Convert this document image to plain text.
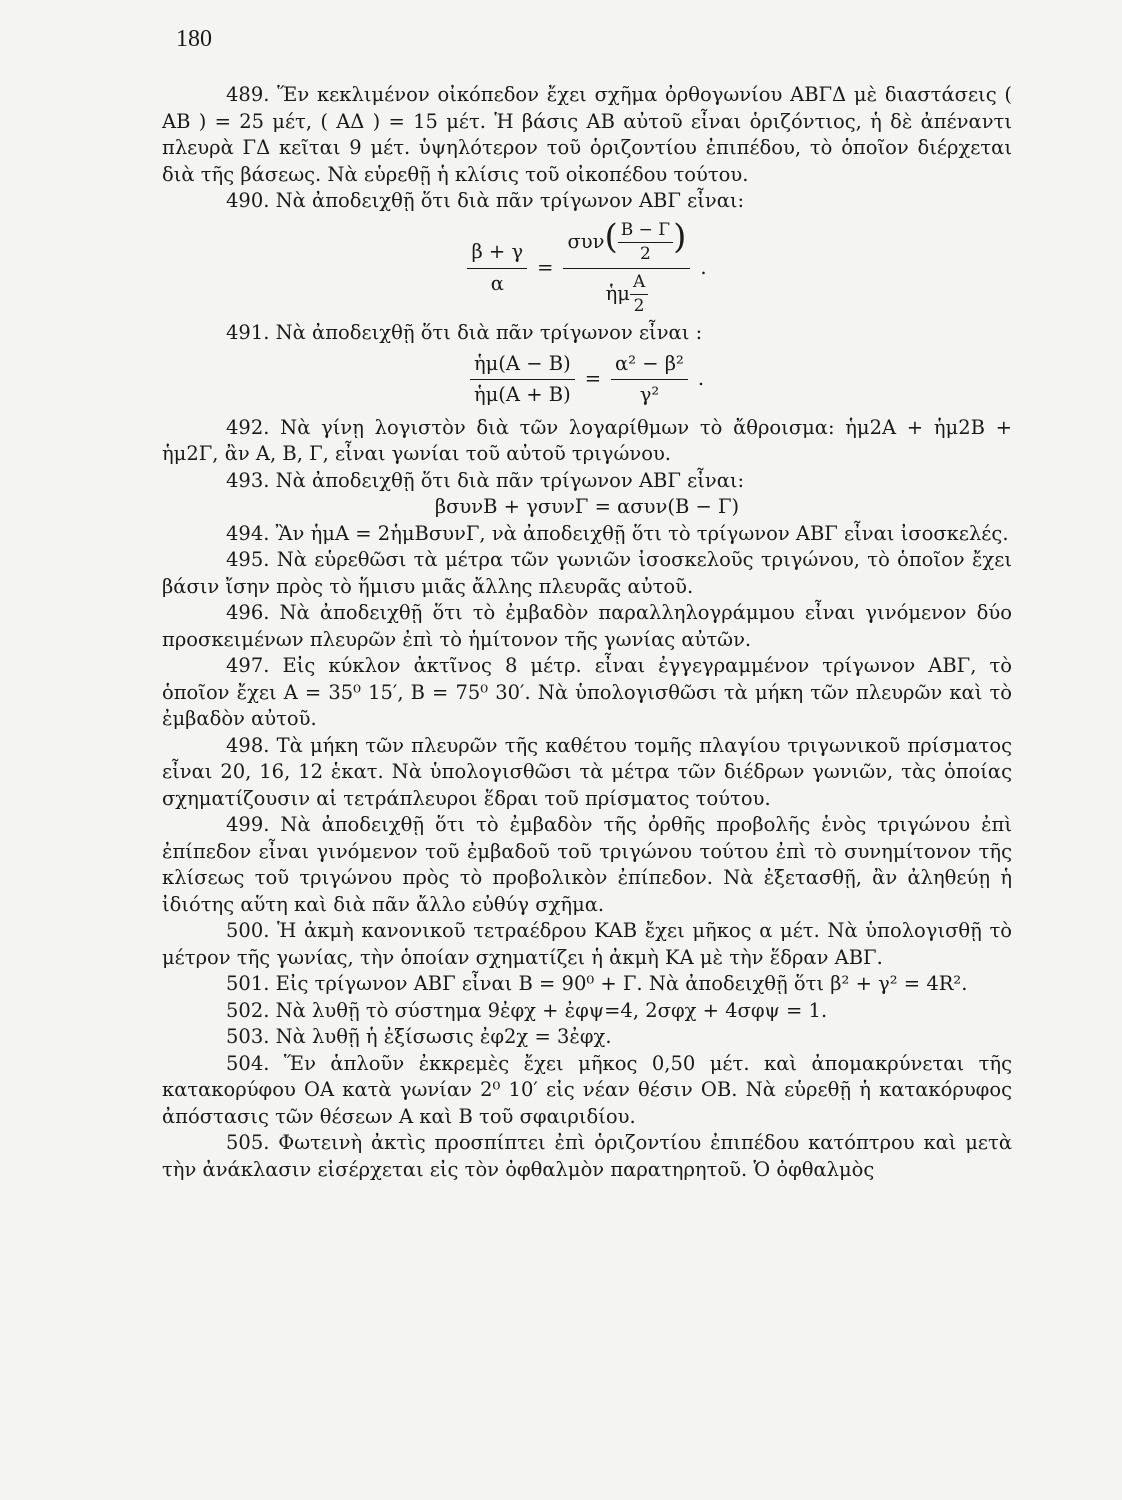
180

489. Ἕν κεκλιμένον οἰκόπεδον ἔχει σχῆμα ὀρθογωνίου ΑΒΓΔ μὲ διαστάσεις ( ΑΒ ) = 25 μέτ, ( ΑΔ ) = 15 μέτ. Ἡ βάσις ΑΒ αὐτοῦ εἶναι ὁριζόντιος, ἡ δὲ ἀπέναντι πλευρὰ ΓΔ κεῖται 9 μέτ. ὑψηλότερον τοῦ ὁριζοντίου ἐπιπέδου, τὸ ὁποῖον διέρχεται διὰ τῆς βάσεως. Νὰ εὑρεθῇ ἡ κλίσις τοῦ οἰκοπέδου τούτου.

490. Νὰ ἀποδειχθῇ ὅτι διὰ πᾶν τρίγωνον ΑΒΓ εἶναι:

$\frac{\beta + \gamma}{\alpha} = \frac{\sigma\upsilon\nu( \frac{B - \Gamma}{2} )}{ἡ\mu \frac{A}{2}}$ .

491. Νὰ ἀποδειχθῇ ὅτι διὰ πᾶν τρίγωνον εἶναι :

$\frac{\text{ἡμ(Α − Β)}}{\text{ἡμ(Α + Β)}} = \frac{\text{α² − β²}}{\text{γ²}}$ .

492. Νὰ γίνῃ λογιστὸν διὰ τῶν λογαρίθμων τὸ ἄθροισμα: ἡμ2Α + ἡμ2Β + ἡμ2Γ, ἂν Α, Β, Γ, εἶναι γωνίαι τοῦ αὐτοῦ τριγώνου.

493. Νὰ ἀποδειχθῇ ὅτι διὰ πᾶν τρίγωνον ΑΒΓ εἶναι:

βσυνΒ + γσυνΓ = ασυν(Β − Γ)

494. Ἂν ἡμΑ = 2ἡμΒσυνΓ, νὰ ἀποδειχθῇ ὅτι τὸ τρίγωνον ΑΒΓ εἶναι ἰσοσκελές.

495. Νὰ εὑρεθῶσι τὰ μέτρα τῶν γωνιῶν ἰσοσκελοῦς τριγώνου, τὸ ὁποῖον ἔχει βάσιν ἴσην πρὸς τὸ ἥμισυ μιᾶς ἄλλης πλευρᾶς αὐτοῦ.

496. Νὰ ἀποδειχθῇ ὅτι τὸ ἐμβαδὸν παραλληλογράμμου εἶναι γινόμενον δύο προσκειμένων πλευρῶν ἐπὶ τὸ ἡμίτονον τῆς γωνίας αὐτῶν.

497. Εἰς κύκλον ἀκτῖνος 8 μέτρ. εἶναι ἐγγεγραμμένον τρίγωνον ΑΒΓ, τὸ ὁποῖον ἔχει Α = 35⁰ 15′, Β = 75⁰ 30′. Νὰ ὑπολογισθῶσι τὰ μήκη τῶν πλευρῶν καὶ τὸ ἐμβαδὸν αὐτοῦ.

498. Τὰ μήκη τῶν πλευρῶν τῆς καθέτου τομῆς πλαγίου τριγωνικοῦ πρίσματος εἶναι 20, 16, 12 ἑκατ. Νὰ ὑπολογισθῶσι τὰ μέτρα τῶν διέδρων γωνιῶν, τὰς ὁποίας σχηματίζουσιν αἱ τετράπλευροι ἕδραι τοῦ πρίσματος τούτου.

499. Νὰ ἀποδειχθῇ ὅτι τὸ ἐμβαδὸν τῆς ὀρθῆς προβολῆς ἑνὸς τριγώνου ἐπὶ ἐπίπεδον εἶναι γινόμενον τοῦ ἐμβαδοῦ τοῦ τριγώνου τούτου ἐπὶ τὸ συνημίτονον τῆς κλίσεως τοῦ τριγώνου πρὸς τὸ προβολικὸν ἐπίπεδον. Νὰ ἐξετασθῇ, ἂν ἀληθεύῃ ἡ ἰδιότης αὕτη καὶ διὰ πᾶν ἄλλο εὐθύγ σχῆμα.

500. Ἡ ἀκμὴ κανονικοῦ τετραέδρου ΚΑΒ ἔχει μῆκος α μέτ. Νὰ ὑπολογισθῇ τὸ μέτρον τῆς γωνίας, τὴν ὁποίαν σχηματίζει ἡ ἀκμὴ ΚΑ μὲ τὴν ἕδραν ΑΒΓ.

501. Εἰς τρίγωνον ΑΒΓ εἶναι Β = 90⁰ + Γ. Νὰ ἀποδειχθῇ ὅτι β² + γ² = 4R².

502. Νὰ λυθῇ τὸ σύστημα 9ἐφχ + ἐφψ=4, 2σφχ + 4σφψ = 1.

503. Νὰ λυθῇ ἡ ἐξίσωσις ἐφ2χ = 3ἐφχ.

504. Ἕν ἁπλοῦν ἐκκρεμὲς ἔχει μῆκος 0,50 μέτ. καὶ ἀπομακρύνεται τῆς κατακορύφου ΟΑ κατὰ γωνίαν 2⁰ 10′ εἰς νέαν θέσιν ΟΒ. Νὰ εὑρεθῇ ἡ κατακόρυφος ἀπόστασις τῶν θέσεων Α καὶ Β τοῦ σφαιριδίου.

505. Φωτεινὴ ἀκτὶς προσπίπτει ἐπὶ ὁριζοντίου ἐπιπέδου κατόπτρου καὶ μετὰ τὴν ἀνάκλασιν εἰσέρχεται εἰς τὸν ὀφθαλμὸν παρατηρητοῦ. Ὁ ὀφθαλμὸς
